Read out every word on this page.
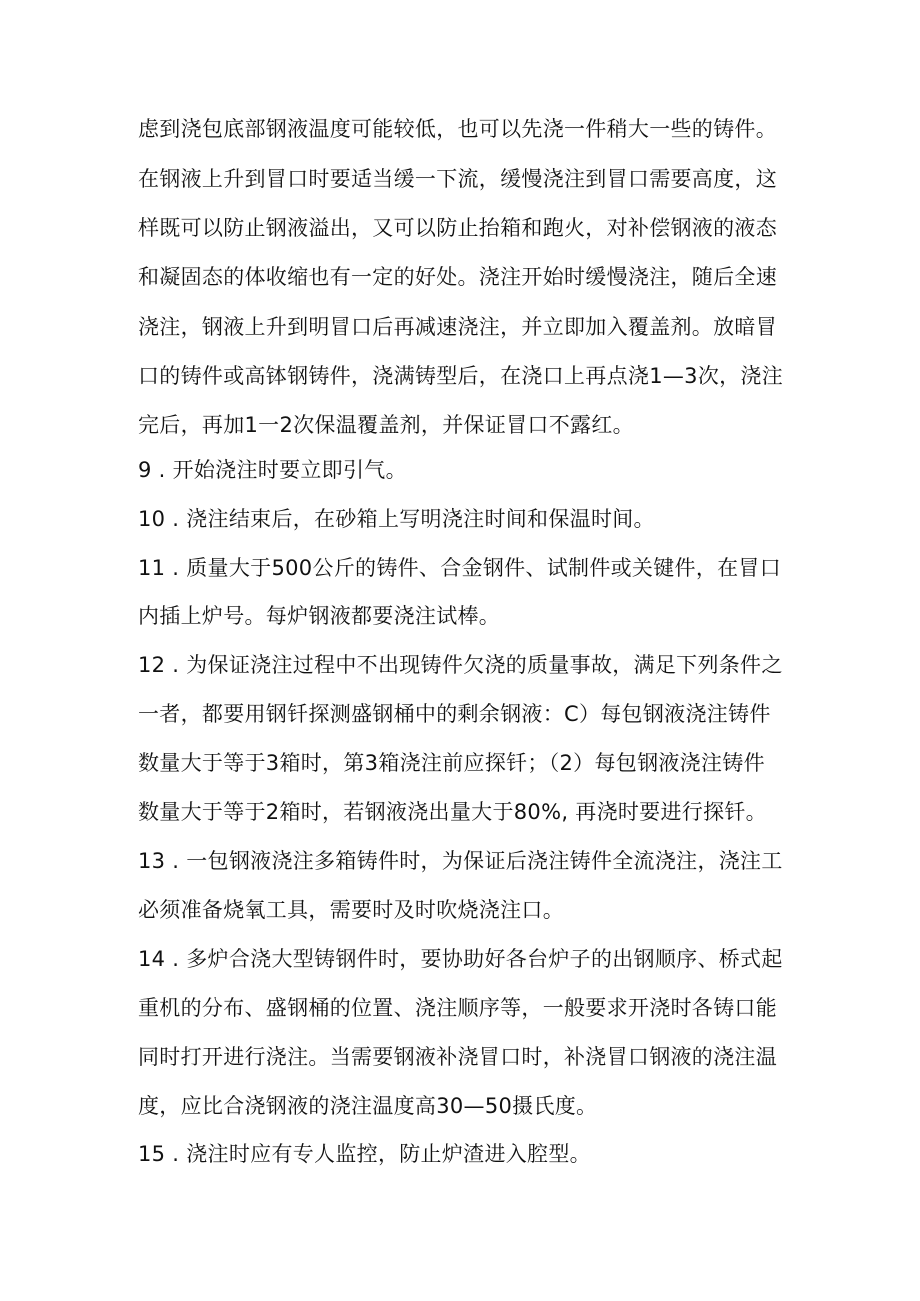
虑到浇包底部钢液温度可能较低，也可以先浇一件稍大一些的铸件。
在钢液上升到冒口时要适当缓一下流，缓慢浇注到冒口需要高度，这
样既可以防止钢液溢出，又可以防止抬箱和跑火，对补偿钢液的液态
和凝固态的体收缩也有一定的好处。浇注开始时缓慢浇注，随后全速
浇注，钢液上升到明冒口后再减速浇注，并立即加入覆盖剂。放暗冒
口的铸件或高钵钢铸件，浇满铸型后，在浇口上再点浇1—3次，浇注
完后，再加1一2次保温覆盖剂，并保证冒口不露红。
9 . 开始浇注时要立即引气。
10 . 浇注结束后，在砂箱上写明浇注时间和保温时间。
11 . 质量大于500公斤的铸件、合金钢件、试制件或关键件，在冒口
内插上炉号。每炉钢液都要浇注试棒。
12 . 为保证浇注过程中不出现铸件欠浇的质量事故，满足下列条件之
一者，都要用钢钎探测盛钢桶中的剩余钢液：C）每包钢液浇注铸件
数量大于等于3箱时，第3箱浇注前应探钎；（2）每包钢液浇注铸件
数量大于等于2箱时，若钢液浇出量大于80%, 再浇时要进行探钎。
13 . 一包钢液浇注多箱铸件时，为保证后浇注铸件全流浇注，浇注工
必须准备烧氧工具，需要时及时吹烧浇注口。
14 . 多炉合浇大型铸钢件时，要协助好各台炉子的出钢顺序、桥式起
重机的分布、盛钢桶的位置、浇注顺序等，一般要求开浇时各铸口能
同时打开进行浇注。当需要钢液补浇冒口时，补浇冒口钢液的浇注温
度，应比合浇钢液的浇注温度高30—50摄氏度。
15 . 浇注时应有专人监控，防止炉渣进入腔型。
